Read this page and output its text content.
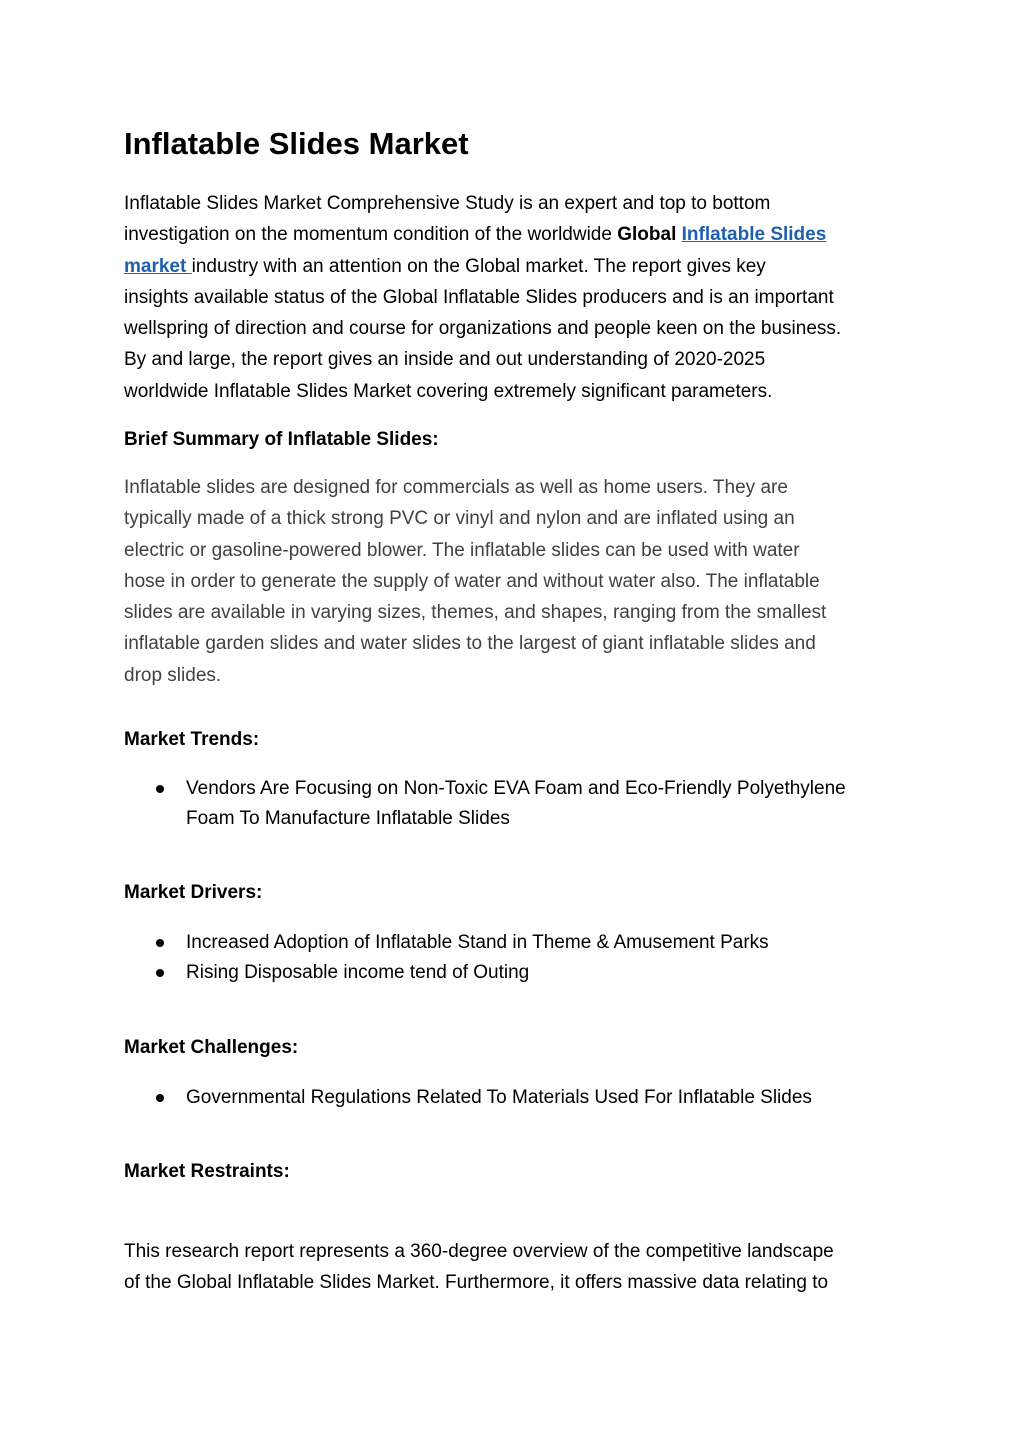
Inflatable Slides Market

Inflatable Slides Market Comprehensive Study is an expert and top to bottom
investigation on the momentum condition of the worldwide Global Inflatable Slides
market industry with an attention on the Global market. The report gives key
insights available status of the Global Inflatable Slides producers and is an important
wellspring of direction and course for organizations and people keen on the business.
By and large, the report gives an inside and out understanding of 2020-2025
worldwide Inflatable Slides Market covering extremely significant parameters.

Brief Summary of Inflatable Slides:

Inflatable slides are designed for commercials as well as home users. They are
typically made of a thick strong PVC or vinyl and nylon and are inflated using an
electric or gasoline-powered blower. The inflatable slides can be used with water
hose in order to generate the supply of water and without water also. The inflatable
slides are available in varying sizes, themes, and shapes, ranging from the smallest
inflatable garden slides and water slides to the largest of giant inflatable slides and
drop slides.

Market Trends:
Vendors Are Focusing on Non-Toxic EVA Foam and Eco-Friendly Polyethylene
Foam To Manufacture Inflatable Slides
Market Drivers:
Increased Adoption of Inflatable Stand in Theme & Amusement Parks
Rising Disposable income tend of Outing
Market Challenges:
Governmental Regulations Related To Materials Used For Inflatable Slides
Market Restraints:

This research report represents a 360-degree overview of the competitive landscape
of the Global Inflatable Slides Market. Furthermore, it offers massive data relating to
